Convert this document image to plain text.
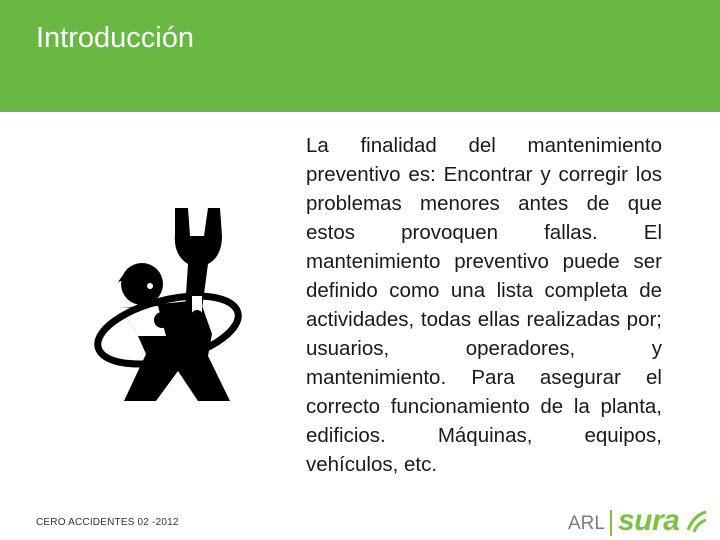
Introducción
La finalidad del mantenimiento preventivo es: Encontrar y corregir los problemas menores antes de que estos provoquen fallas. El mantenimiento preventivo puede ser definido como una lista completa de actividades, todas ellas realizadas por; usuarios, operadores, y mantenimiento. Para asegurar el correcto funcionamiento de la planta, edificios. Máquinas, equipos, vehículos, etc.
CERO ACCIDENTES 02 -2012	ARL sura
